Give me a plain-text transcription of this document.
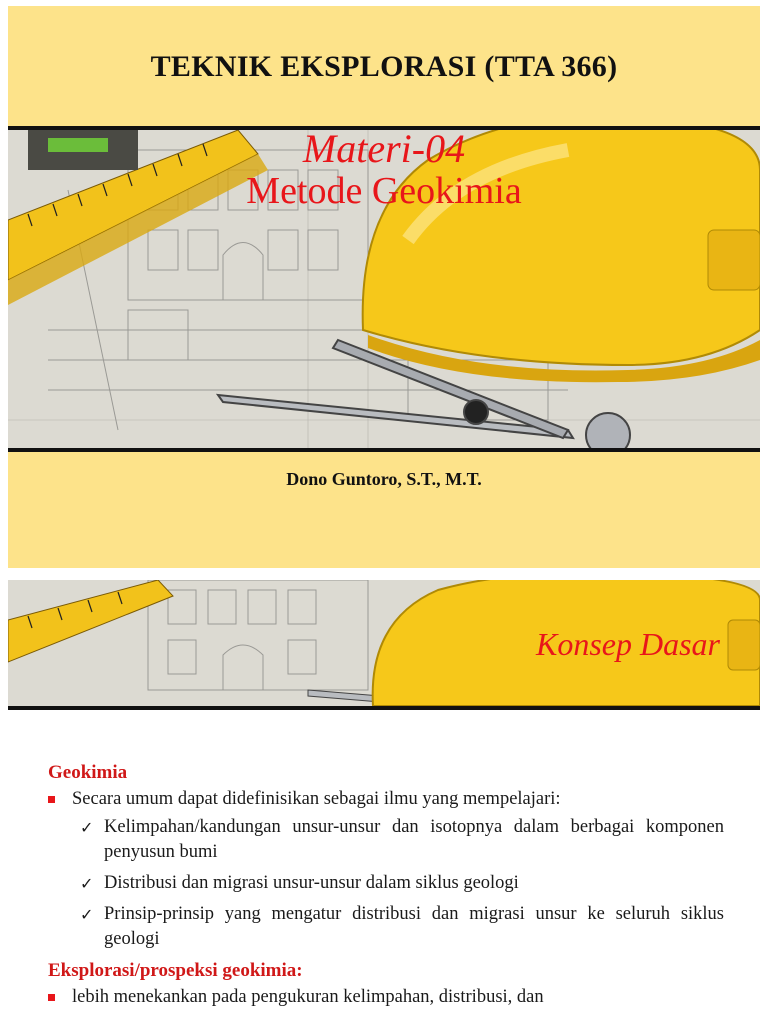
TEKNIK EKSPLORASI (TTA 366)
Materi-04
Metode Geokimia
Dono Guntoro, S.T., M.T.
Konsep Dasar
Geokimia
Secara umum dapat didefinisikan sebagai ilmu yang mempelajari:
✓ Kelimpahan/kandungan unsur-unsur dan isotopnya dalam berbagai komponen penyusun bumi
✓ Distribusi dan migrasi unsur-unsur dalam siklus geologi
✓ Prinsip-prinsip yang mengatur distribusi dan migrasi unsur ke seluruh siklus geologi
Eksplorasi/prospeksi geokimia:
lebih menekankan pada pengukuran kelimpahan, distribusi, dan
